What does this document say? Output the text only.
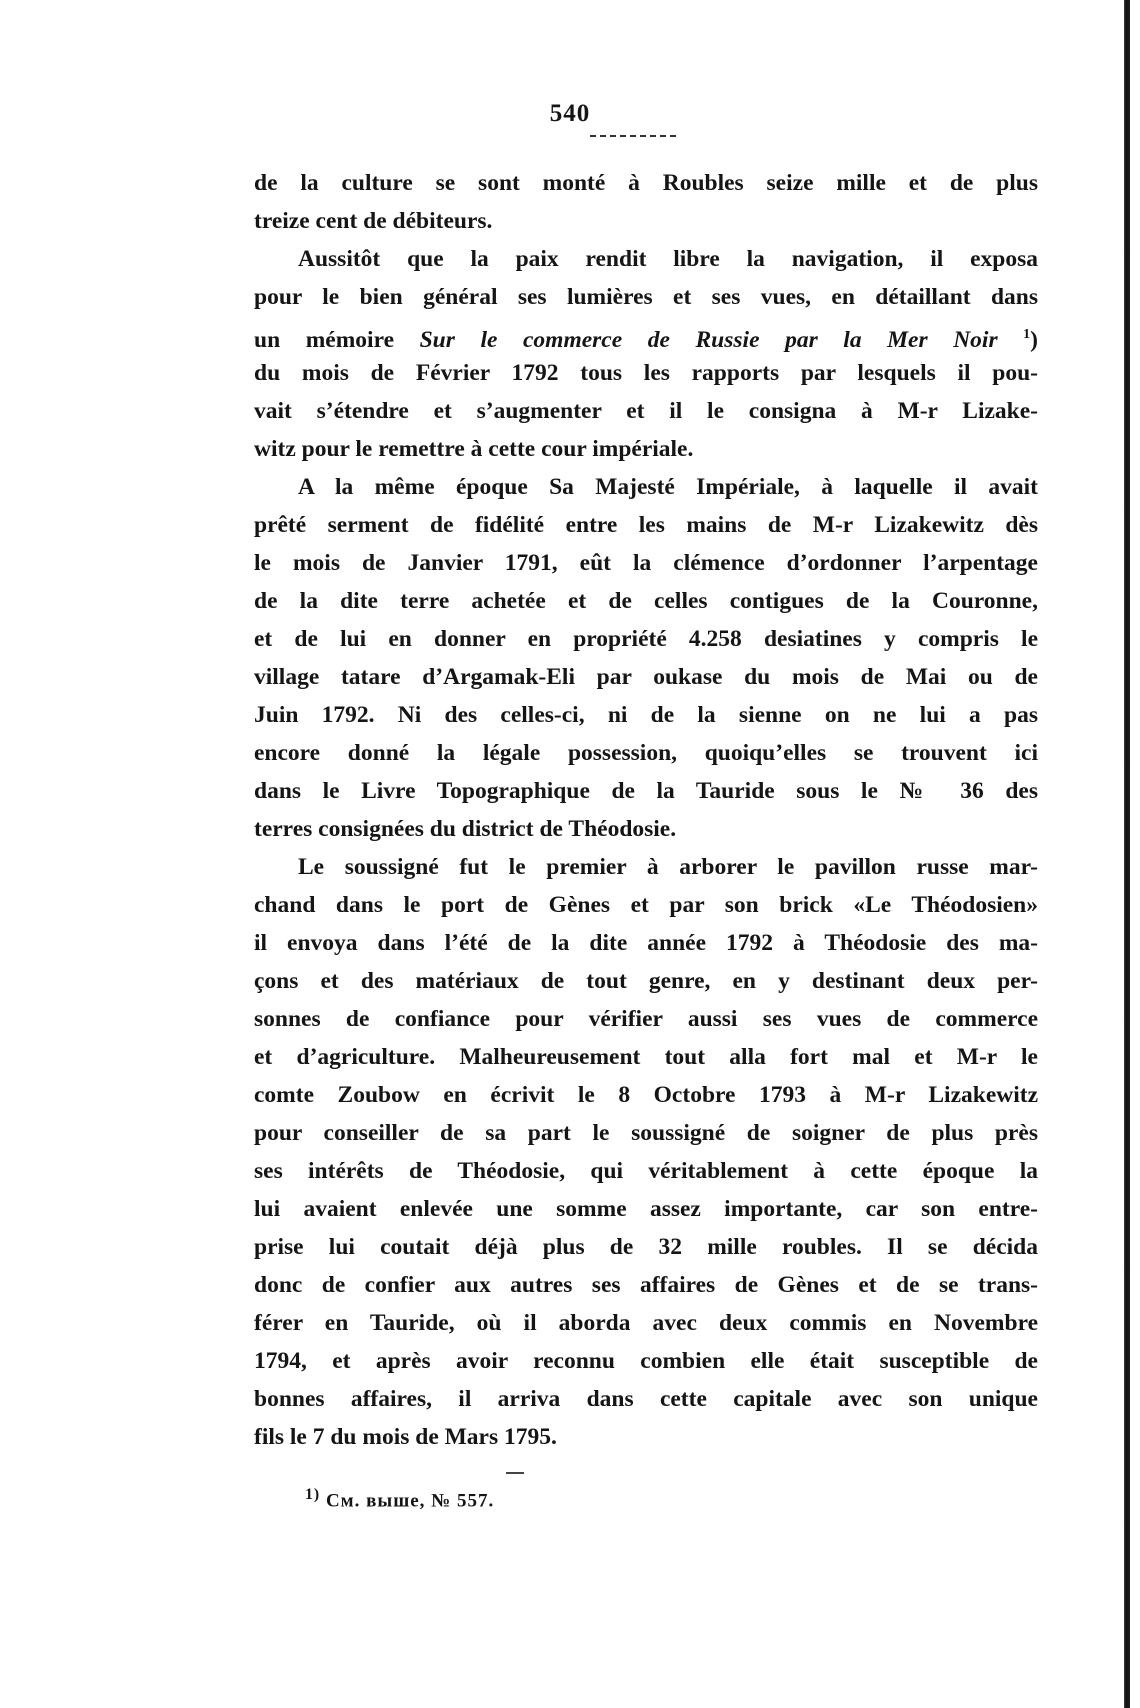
540
de la culture se sont monté à Roubles seize mille et de plus
treize cent de débiteurs.
Aussitôt que la paix rendit libre la navigation, il exposa
pour le bien général ses lumières et ses vues, en détaillant dans
un mémoire Sur le commerce de Russie par la Mer Noir $^1$)
du mois de Février 1792 tous les rapports par lesquels il pou-
vait s’étendre et s’augmenter et il le consigna à M-r Lizake-
witz pour le remettre à cette cour impériale.
A la même époque Sa Majesté Impériale, à laquelle il avait
prêté serment de fidélité entre les mains de M-r Lizakewitz dès
le mois de Janvier 1791, eût la clémence d’ordonner l’arpentage
de la dite terre achetée et de celles contigues de la Couronne,
et de lui en donner en propriété 4.258 desiatines y compris le
village tatare d’Argamak-Eli par oukase du mois de Mai ou de
Juin 1792. Ni des celles-ci, ni de la sienne on ne lui a pas
encore donné la légale possession, quoiqu’elles se trouvent ici
dans le Livre Topographique de la Tauride sous le № 36 des
terres consignées du district de Théodosie.
Le soussigné fut le premier à arborer le pavillon russe mar-
chand dans le port de Gènes et par son brick «Le Théodosien»
il envoya dans l’été de la dite année 1792 à Théodosie des ma-
çons et des matériaux de tout genre, en y destinant deux per-
sonnes de confiance pour vérifier aussi ses vues de commerce
et d’agriculture. Malheureusement tout alla fort mal et M-r le
comte Zoubow en écrivit le 8 Octobre 1793 à M-r Lizakewitz
pour conseiller de sa part le soussigné de soigner de plus près
ses intérêts de Théodosie, qui véritablement à cette époque la
lui avaient enlevée une somme assez importante, car son entre-
prise lui coutait déjà plus de 32 mille roubles. Il se décida
donc de confier aux autres ses affaires de Gènes et de se trans-
férer en Tauride, où il aborda avec deux commis en Novembre
1794, et après avoir reconnu combien elle était susceptible de
bonnes affaires, il arriva dans cette capitale avec son unique
fils le 7 du mois de Mars 1795.
$^{1)}$ См. выше, № 557.
